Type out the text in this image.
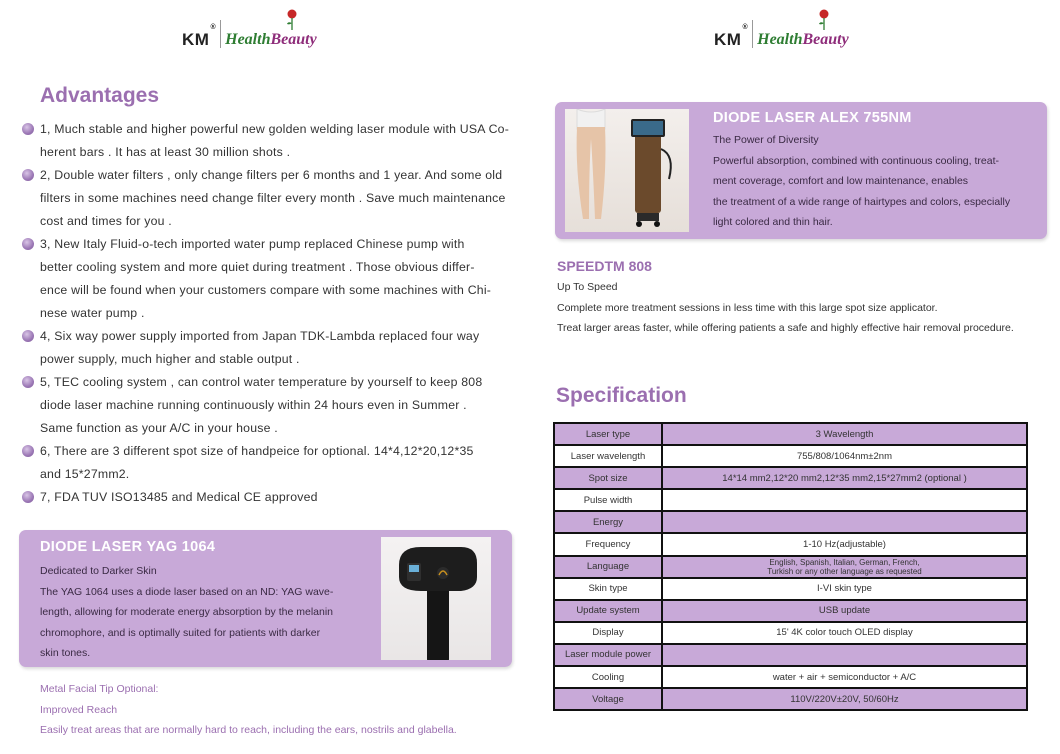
KM®
HealthBeauty	KM®
HealthBeauty
Advantages
1, Much stable and higher powerful new golden welding laser module with USA Co-
herent bars . It has at least 30 million shots .
2, Double water filters , only change filters per 6 months and 1 year. And some old
filters in some machines need change filter every month . Save much maintenance
cost and times for you .
3, New Italy Fluid-o-tech imported water pump replaced Chinese pump with
better cooling system and more quiet during treatment . Those obvious differ-
ence will be found when your customers compare with some machines with Chi-
nese water pump .
4, Six way power supply imported from Japan TDK-Lambda replaced four way
power supply, much higher and stable output .
5, TEC cooling system , can control water temperature by yourself to keep 808
diode laser machine running continuously within 24 hours even in Summer .
Same function as your A/C in your house .
6, There are 3 different spot size of handpeice for optional. 14*4,12*20,12*35
and 15*27mm2.
7, FDA TUV ISO13485 and Medical CE approved
DIODE LASER YAG 1064
Dedicated to Darker Skin
The YAG 1064 uses a diode laser based on an ND: YAG wave-
length, allowing for moderate energy absorption by the melanin
chromophore, and is optimally suited for patients with darker
skin tones.
Metal Facial Tip Optional:
Improved Reach
Easily treat areas that are normally hard to reach, including the ears, nostrils and glabella.
DIODE LASER ALEX 755NM
The Power of Diversity
Powerful absorption, combined with continuous cooling, treat-
ment coverage, comfort and low maintenance, enables
the treatment of a wide range of hairtypes and colors, especially
light colored and thin hair.
SPEEDTM 808
Up To Speed
Complete more treatment sessions in less time with this large spot size applicator.
Treat larger areas faster, while offering patients a safe and highly effective hair removal procedure.
Specification
Laser type	3 Wavelength
Laser wavelength	755/808/1064nm±2nm
Spot size	14*14 mm2,12*20 mm2,12*35 mm2,15*27mm2 (optional )
Pulse width	
Energy	
Frequency	1-10 Hz(adjustable)
Language	English, Spanish, Italian, German, French,
Turkish or any other language as requested

Skin type	I-VI skin type
Update system	USB update
Display	15' 4K color touch OLED display
Laser module power	
Cooling	water + air + semiconductor + A/C
Voltage	110V/220V±20V, 50/60Hz
